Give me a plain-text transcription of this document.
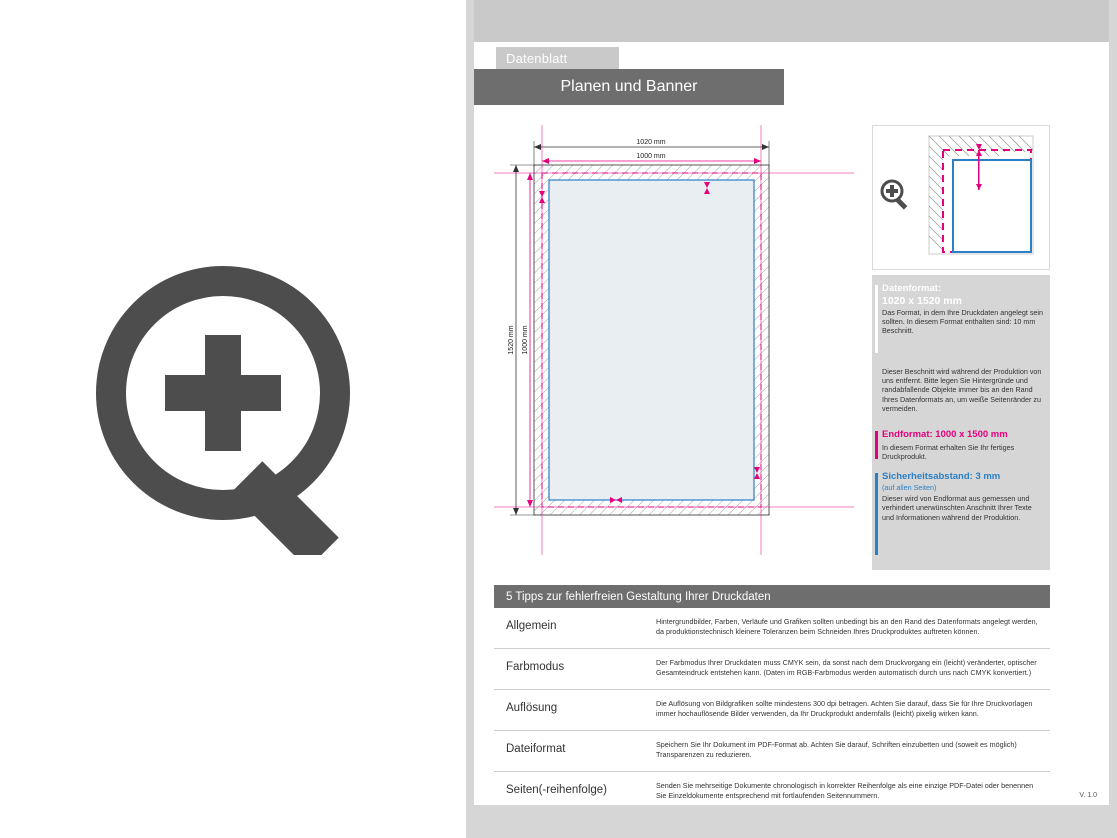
Datenblatt
Planen und Banner
1020 mm
1000 mm
1520 mm 1000 mm
Datenformat:
1020 x 1520 mm
Das Format, in dem Ihre Druckdaten angelegt sein sollten. In diesem Format enthalten sind: 10 mm Beschnitt.
Dieser Beschnitt wird während der Produktion von uns entfernt. Bitte legen Sie Hintergründe und randabfallende Objekte immer bis an den Rand Ihres Datenformats an, um weiße Seitenränder zu vermeiden.
Endformat: 1000 x 1500 mm
In diesem Format erhalten Sie Ihr fertiges Druckprodukt.
Sicherheitsabstand: 3 mm
(auf allen Seiten)
Dieser wird von Endformat aus gemessen und verhindert unerwünschten Anschnitt Ihrer Texte und Informationen während der Produktion.
5 Tipps zur fehlerfreien Gestaltung Ihrer Druckdaten
Allgemein	Hintergrundbilder, Farben, Verläufe und Grafiken sollten unbedingt bis an den Rand des Datenformats angelegt werden, da produktionstechnisch kleinere Toleranzen beim Schneiden Ihres Druckproduktes auftreten können.
Farbmodus	Der Farbmodus Ihrer Druckdaten muss CMYK sein, da sonst nach dem Druckvorgang ein (leicht) veränderter, optischer Gesamteindruck entstehen kann. (Daten im RGB-Farbmodus werden automatisch durch uns nach CMYK konvertiert.)
Auflösung	Die Auflösung von Bildgrafiken sollte mindestens 300 dpi betragen. Achten Sie darauf, dass Sie für Ihre Druckvorlagen immer hochauflösende Bilder verwenden, da Ihr Druckprodukt andernfalls (leicht) pixelig wirken kann.
Dateiformat	Speichern Sie Ihr Dokument im PDF-Format ab. Achten Sie darauf, Schriften einzubetten und (soweit es möglich) Transparenzen zu reduzieren.
Seiten(-reihenfolge)	Senden Sie mehrseitige Dokumente chronologisch in korrekter Reihenfolge als eine einzige PDF-Datei oder benennen Sie Einzeldokumente entsprechend mit fortlaufenden Seitennummern.	V. 1.0
